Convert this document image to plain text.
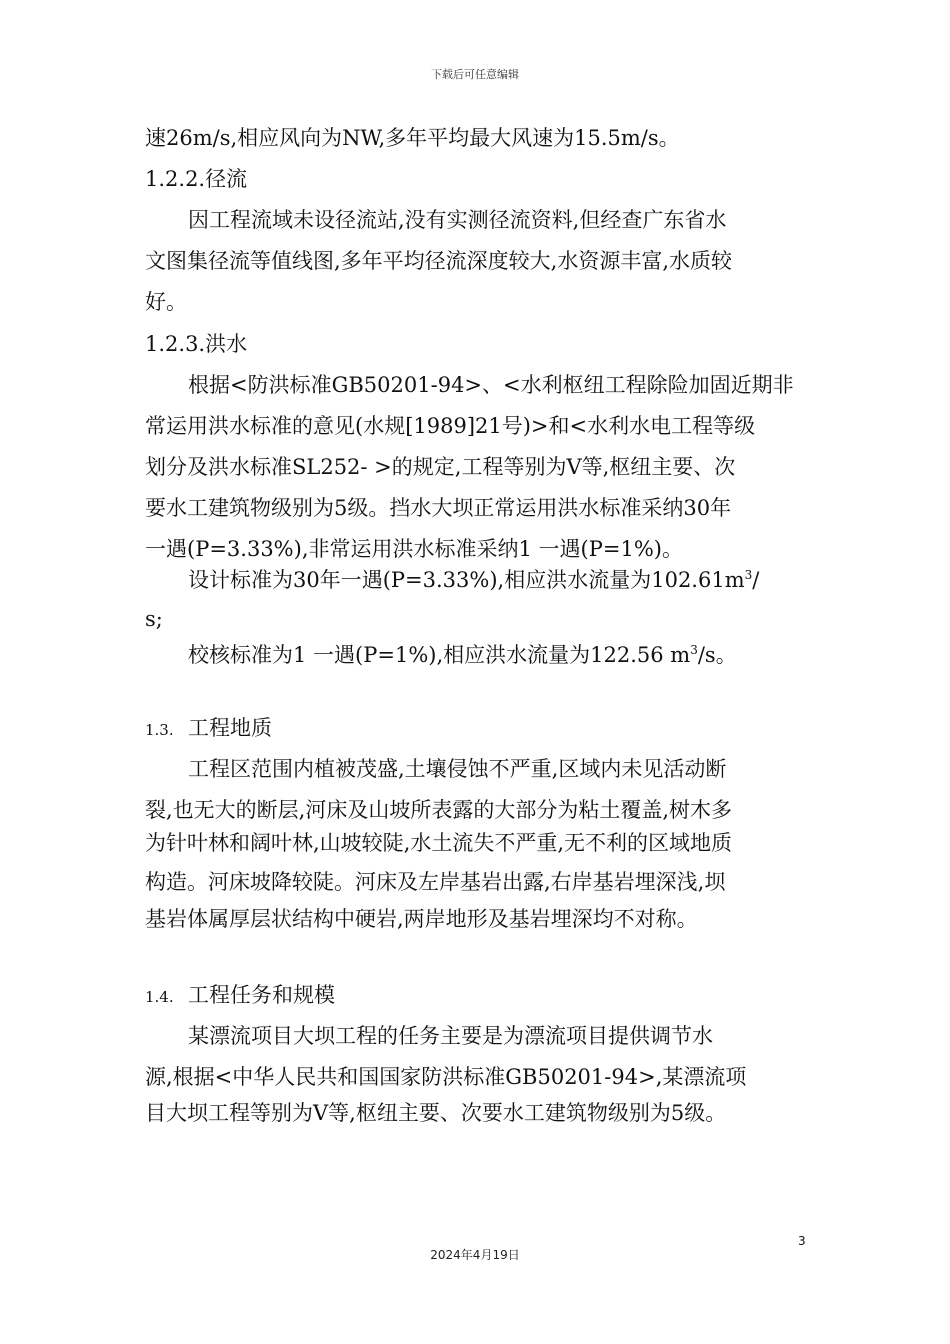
下载后可任意编辑
速26m/s,相应风向为NW,多年平均最大风速为15.5m/s。
1.2.2.径流
因工程流域未设径流站,没有实测径流资料,但经查广东省水
文图集径流等值线图,多年平均径流深度较大,水资源丰富,水质较
好。
1.2.3.洪水
根据<防洪标准GB50201-94>、<水利枢纽工程除险加固近期非
常运用洪水标准的意见(水规[1989]21号)>和<水利水电工程等级
划分及洪水标准SL252- >的规定,工程等别为Ⅴ等,枢纽主要、次
要水工建筑物级别为5级。挡水大坝正常运用洪水标准采纳30年
一遇(P=3.33%),非常运用洪水标准采纳1 一遇(P=1%)。
设计标准为30年一遇(P=3.33%),相应洪水流量为$102.61m^3/$
s;
校核标准为1 一遇(P=1%),相应洪水流量为122.56 $m^3/s$。
1.3. 工程地质
工程区范围内植被茂盛,土壤侵蚀不严重,区域内未见活动断
裂,也无大的断层,河床及山坡所表露的大部分为粘土覆盖,树木多
为针叶林和阔叶林,山坡较陡,水土流失不严重,无不利的区域地质
构造。河床坡降较陡。河床及左岸基岩出露,右岸基岩埋深浅,坝
基岩体属厚层状结构中硬岩,两岸地形及基岩埋深均不对称。
1.4. 工程任务和规模
某漂流项目大坝工程的任务主要是为漂流项目提供调节水
源,根据<中华人民共和国国家防洪标准GB50201-94>,某漂流项
目大坝工程等别为Ⅴ等,枢纽主要、次要水工建筑物级别为5级。
3
2024年4月19日
